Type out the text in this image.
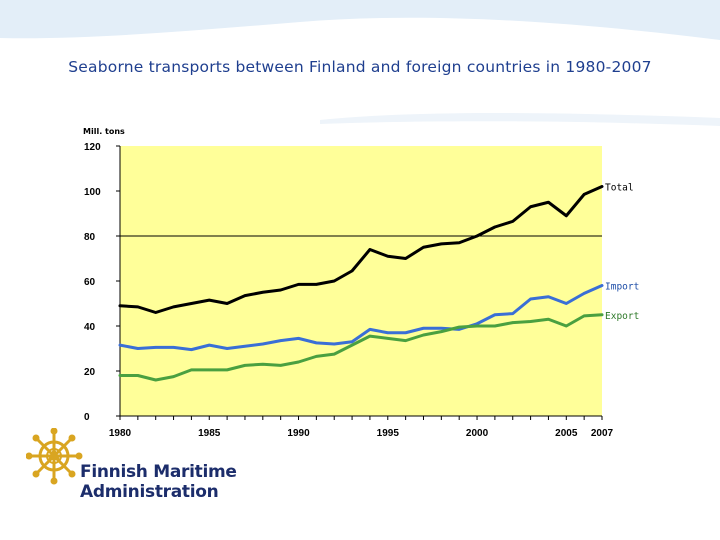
Seaborne transports between Finland and foreign countries in 1980-2007
0
20
40
60
80
100
120
1980	1985	1990	1995	2000	2005 2007
Total
Import
Export
Mill. tons
Finnish Maritime
Administration
